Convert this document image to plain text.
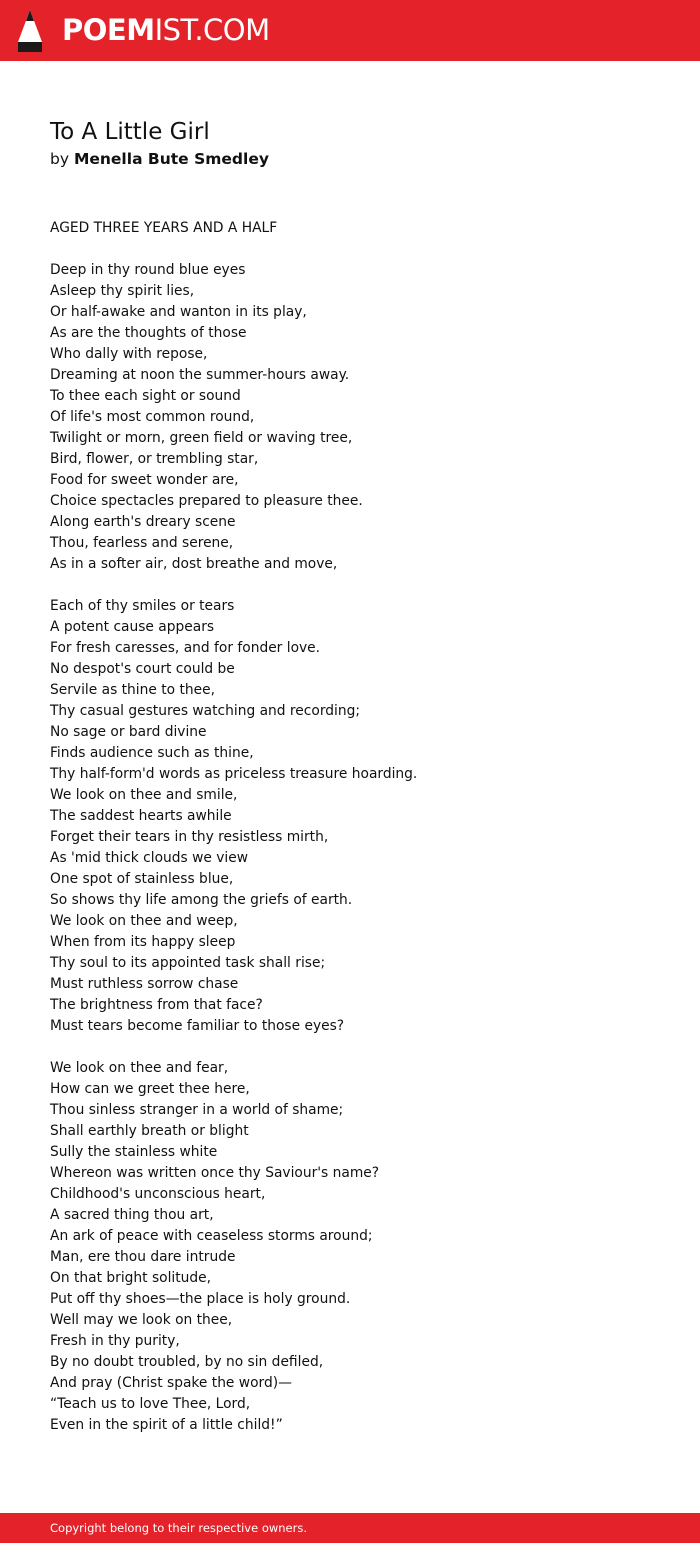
POEMIST.COM
To A Little Girl
by Menella Bute Smedley
AGED THREE YEARS AND A HALF
Deep in thy round blue eyes
Asleep thy spirit lies,
Or half-awake and wanton in its play,
As are the thoughts of those
Who dally with repose,
Dreaming at noon the summer-hours away.
To thee each sight or sound
Of life's most common round,
Twilight or morn, green field or waving tree,
Bird, flower, or trembling star,
Food for sweet wonder are,
Choice spectacles prepared to pleasure thee.
Along earth's dreary scene
Thou, fearless and serene,
As in a softer air, dost breathe and move,
Each of thy smiles or tears
A potent cause appears
For fresh caresses, and for fonder love.
No despot's court could be
Servile as thine to thee,
Thy casual gestures watching and recording;
No sage or bard divine
Finds audience such as thine,
Thy half-form'd words as priceless treasure hoarding.
We look on thee and smile,
The saddest hearts awhile
Forget their tears in thy resistless mirth,
As 'mid thick clouds we view
One spot of stainless blue,
So shows thy life among the griefs of earth.
We look on thee and weep,
When from its happy sleep
Thy soul to its appointed task shall rise;
Must ruthless sorrow chase
The brightness from that face?
Must tears become familiar to those eyes?
We look on thee and fear,
How can we greet thee here,
Thou sinless stranger in a world of shame;
Shall earthly breath or blight
Sully the stainless white
Whereon was written once thy Saviour's name?
Childhood's unconscious heart,
A sacred thing thou art,
An ark of peace with ceaseless storms around;
Man, ere thou dare intrude
On that bright solitude,
Put off thy shoes—the place is holy ground.
Well may we look on thee,
Fresh in thy purity,
By no doubt troubled, by no sin defiled,
And pray (Christ spake the word)—
“Teach us to love Thee, Lord,
Even in the spirit of a little child!”
Copyright belong to their respective owners.
